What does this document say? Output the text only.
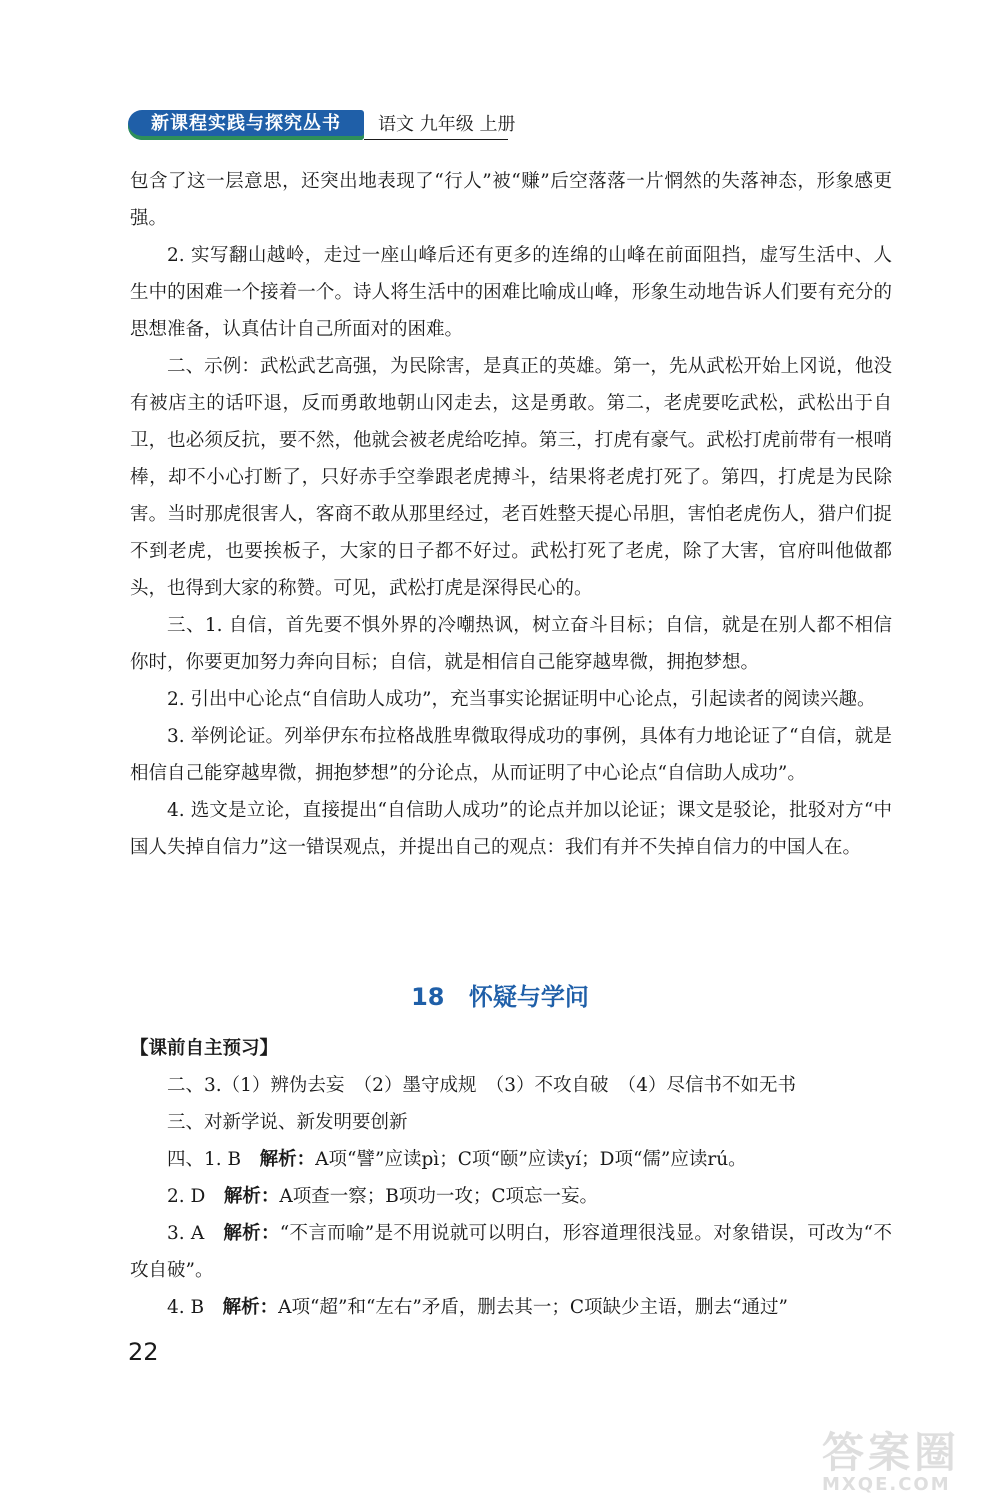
新课程实践与探究丛书	语文 九年级 上册

包含了这一层意思，还突出地表现了“行人”被“赚”后空落落一片惘然的失落神态，形象感更强。

2. 实写翻山越岭，走过一座山峰后还有更多的连绵的山峰在前面阻挡，虚写生活中、人生中的困难一个接着一个。诗人将生活中的困难比喻成山峰，形象生动地告诉人们要有充分的思想准备，认真估计自己所面对的困难。

二、示例：武松武艺高强，为民除害，是真正的英雄。第一，先从武松开始上冈说，他没有被店主的话吓退，反而勇敢地朝山冈走去，这是勇敢。第二，老虎要吃武松，武松出于自卫，也必须反抗，要不然，他就会被老虎给吃掉。第三，打虎有豪气。武松打虎前带有一根哨棒，却不小心打断了，只好赤手空拳跟老虎搏斗，结果将老虎打死了。第四，打虎是为民除害。当时那虎很害人，客商不敢从那里经过，老百姓整天提心吊胆，害怕老虎伤人，猎户们捉不到老虎，也要挨板子，大家的日子都不好过。武松打死了老虎，除了大害，官府叫他做都头，也得到大家的称赞。可见，武松打虎是深得民心的。

三、1. 自信，首先要不惧外界的冷嘲热讽，树立奋斗目标；自信，就是在别人都不相信你时，你要更加努力奔向目标；自信，就是相信自己能穿越卑微，拥抱梦想。

2. 引出中心论点“自信助人成功”，充当事实论据证明中心论点，引起读者的阅读兴趣。

3. 举例论证。列举伊东布拉格战胜卑微取得成功的事例，具体有力地论证了“自信，就是相信自己能穿越卑微，拥抱梦想”的分论点，从而证明了中心论点“自信助人成功”。

4. 选文是立论，直接提出“自信助人成功”的论点并加以论证；课文是驳论，批驳对方“中国人失掉自信力”这一错误观点，并提出自己的观点：我们有并不失掉自信力的中国人在。

18 怀疑与学问

【课前自主预习】

二、3.（1）辨伪去妄　（2）墨守成规　（3）不攻自破　（4）尽信书不如无书

三、对新学说、新发明要创新

四、1. B　 解析：A项“譬”应读pì；C项“颐”应读yí；D项“儒”应读rú。

2. D　 解析：A项查一察；B项功一攻；C项忘一妄。

3. A　 解析：“不言而喻”是不用说就可以明白，形容道理很浅显。对象错误，可改为“不攻自破”。

4. B　 解析：A项“超”和“左右”矛盾，删去其一；C项缺少主语，删去“通过”

22
答案圈
MXQE.COM
